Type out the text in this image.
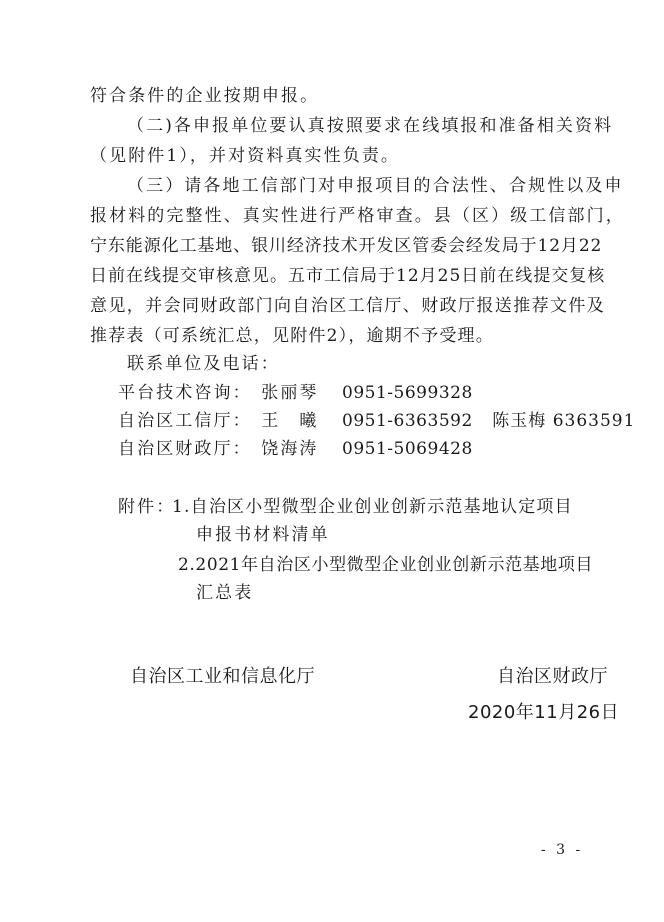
符合条件的企业按期申报。
（二)各申报单位要认真按照要求在线填报和准备相关资料
（见附件1），并对资料真实性负责。
（三）请各地工信部门对申报项目的合法性、合规性以及申
报材料的完整性、真实性进行严格审查。县（区）级工信部门，
宁东能源化工基地、银川经济技术开发区管委会经发局于12月22
日前在线提交审核意见。五市工信局于12月25日前在线提交复核
意见，并会同财政部门向自治区工信厅、财政厅报送推荐文件及
推荐表（可系统汇总，见附件2），逾期不予受理。
联系单位及电话：
平台技术咨询： 张丽琴 0951-5699328
自治区工信厅： 王　曦 0951-6363592 陈玉梅 6363591
自治区财政厅： 饶海涛 0951-5069428
附件：
1.自治区小型微型企业创业创新示范基地认定项目
申报书材料清单
2.2021年自治区小型微型企业创业创新示范基地项目
汇总表
自治区工业和信息化厅	自治区财政厅
2020年11月26日
- 3 -
